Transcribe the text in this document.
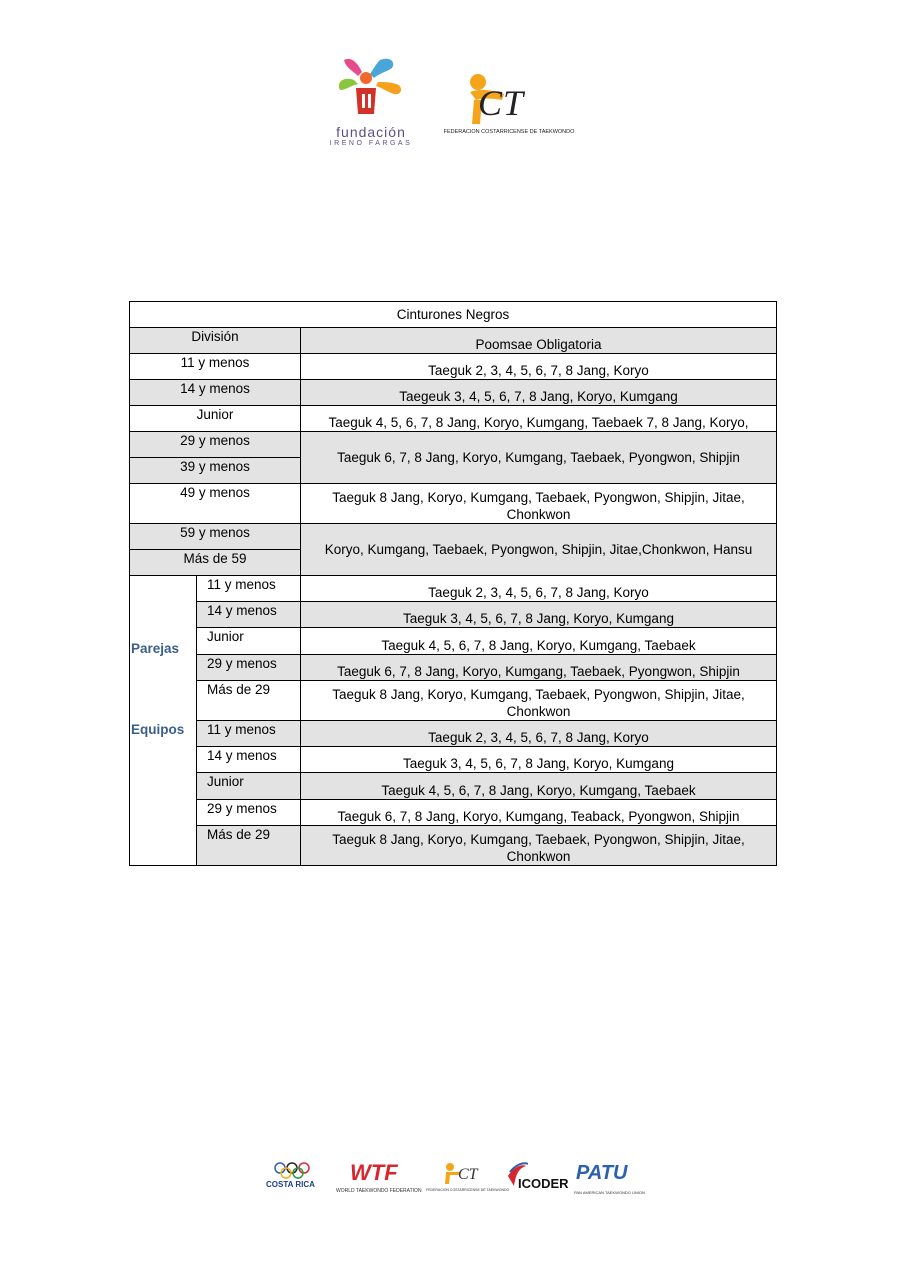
fundación
IRENO FARGAS
CT
FEDERACION COSTARRICENSE DE TAEKWONDO
Cinturones Negros		
División		Poomsae Obligatoria
11 y menos		Taeguk 2, 3, 4, 5, 6, 7, 8 Jang, Koryo
14 y menos		Taegeuk 3, 4, 5, 6, 7, 8 Jang, Koryo, Kumgang
Junior		Taeguk 4, 5, 6, 7, 8 Jang, Koryo, Kumgang, Taebaek 7, 8 Jang, Koryo,
29 y menos		Taeguk 6, 7, 8 Jang, Koryo, Kumgang, Taebaek, Pyongwon, Shipjin
39 y menos		
49 y menos		Taeguk 8 Jang, Koryo, Kumgang, Taebaek, Pyongwon, Shipjin, Jitae, Chonkwon
59 y menos		Koryo, Kumgang, Taebaek, Pyongwon, Shipjin, Jitae,Chonkwon, Hansu
Más de 59		
Parejas	11 y menos	Taeguk 2, 3, 4, 5, 6, 7, 8 Jang, Koryo
	14 y menos	Taeguk 3, 4, 5, 6, 7, 8 Jang, Koryo, Kumgang
	Junior	Taeguk 4, 5, 6, 7, 8 Jang, Koryo, Kumgang, Taebaek
	29 y menos	Taeguk 6, 7, 8 Jang, Koryo, Kumgang, Taebaek, Pyongwon, Shipjin
	Más de 29	Taeguk 8 Jang, Koryo, Kumgang, Taebaek, Pyongwon, Shipjin, Jitae, Chonkwon
Equipos	11 y menos	Taeguk 2, 3, 4, 5, 6, 7, 8 Jang, Koryo
	14 y menos	Taeguk 3, 4, 5, 6, 7, 8 Jang, Koryo, Kumgang
	Junior	Taeguk 4, 5, 6, 7, 8 Jang, Koryo, Kumgang, Taebaek
	29 y menos	Taeguk 6, 7, 8 Jang, Koryo, Kumgang, Teaback, Pyongwon, Shipjin
	Más de 29	Taeguk 8 Jang, Koryo, Kumgang, Taebaek, Pyongwon, Shipjin, Jitae, Chonkwon
COSTA RICA WTF
WORLD TAEKWONDO FEDERATION
CT
FEDERACION COSTARRICENSE DE TAEKWONDO ICODER PATU
PAN AMERICAN TAEKWONDO UNION
